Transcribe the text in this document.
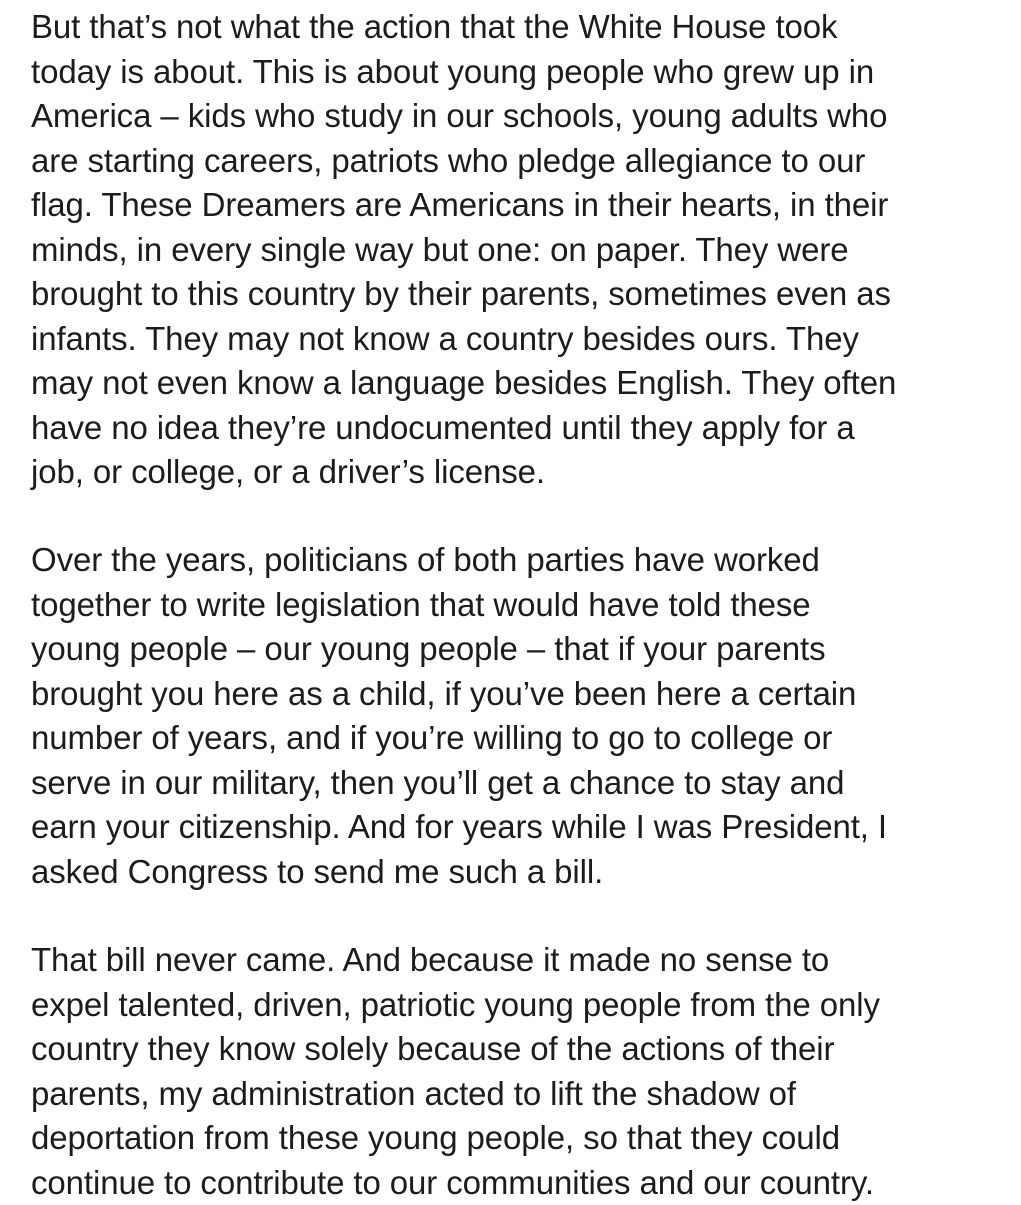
But that’s not what the action that the White House took
today is about. This is about young people who grew up in
America – kids who study in our schools, young adults who
are starting careers, patriots who pledge allegiance to our
flag. These Dreamers are Americans in their hearts, in their
minds, in every single way but one: on paper. They were
brought to this country by their parents, sometimes even as
infants. They may not know a country besides ours. They
may not even know a language besides English. They often
have no idea they’re undocumented until they apply for a
job, or college, or a driver’s license.

Over the years, politicians of both parties have worked
together to write legislation that would have told these
young people – our young people – that if your parents
brought you here as a child, if you’ve been here a certain
number of years, and if you’re willing to go to college or
serve in our military, then you’ll get a chance to stay and
earn your citizenship. And for years while I was President, I
asked Congress to send me such a bill.

That bill never came. And because it made no sense to
expel talented, driven, patriotic young people from the only
country they know solely because of the actions of their
parents, my administration acted to lift the shadow of
deportation from these young people, so that they could
continue to contribute to our communities and our country.
